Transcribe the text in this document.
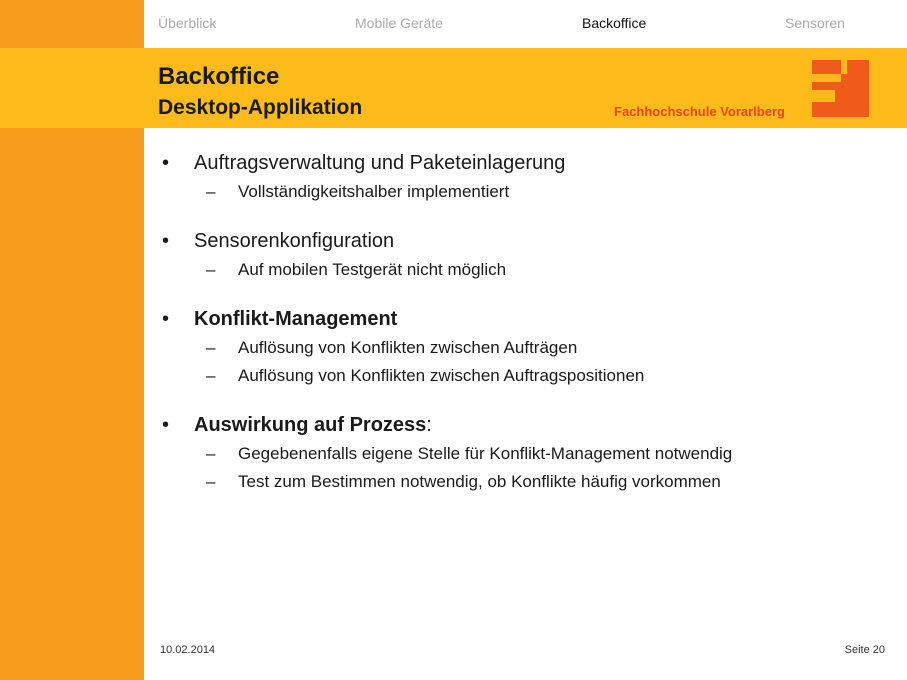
Überblick	Mobile Geräte	Backoffice	Sensoren
Backoffice
Desktop-Applikation	Fachhochschule Vorarlberg
• Auftragsverwaltung und Paketeinlagerung
– Vollständigkeitshalber implementiert
• Sensorenkonfiguration
– Auf mobilen Testgerät nicht möglich
• Konflikt-Management
– Auflösung von Konflikten zwischen Aufträgen
– Auflösung von Konflikten zwischen Auftragspositionen
• Auswirkung auf Prozess:
– Gegebenenfalls eigene Stelle für Konflikt-Management notwendig
– Test zum Bestimmen notwendig, ob Konflikte häufig vorkommen
10.02.2014	Seite 20
